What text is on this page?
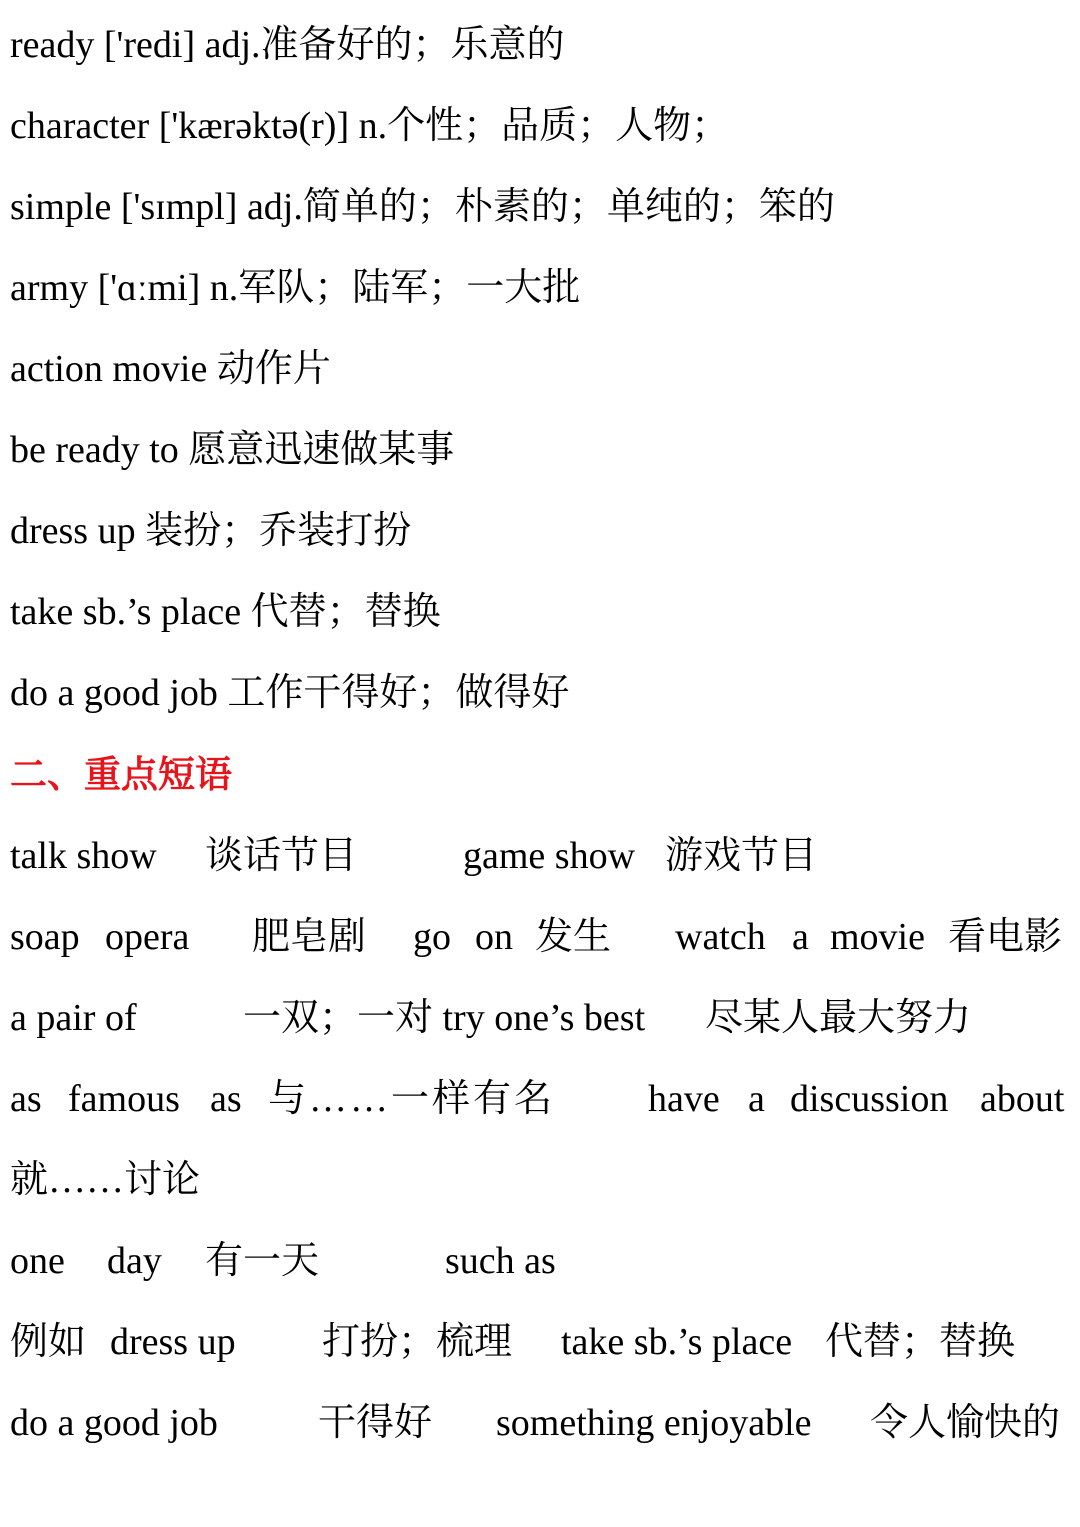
ready ['redi] adj.准备好的；乐意的
character ['kærəktə(r)] n.个性；品质；人物；
simple ['sɪmpl] adj.简单的；朴素的；单纯的；笨的
army ['ɑːmi] n.军队；陆军；一大批
action movie 动作片
be ready to 愿意迅速做某事
dress up 装扮；乔装打扮
take sb.’s place 代替；替换
do a good job 工作干得好；做得好
二、重点短语
talk show 谈话节目	game show 游戏节目
soap opera 肥皂剧 go on 发生 watch a movie 看电影
a pair of	一双；一对 try one’s best 尽某人最大努力
as famous as 与……一样有名 have a discussion about
就……讨论
one day 有一天	such as
例如 dress up 打扮；梳理 take sb.’s place 代替；替换
do a good job	干得好 something enjoyable 令人愉快的
